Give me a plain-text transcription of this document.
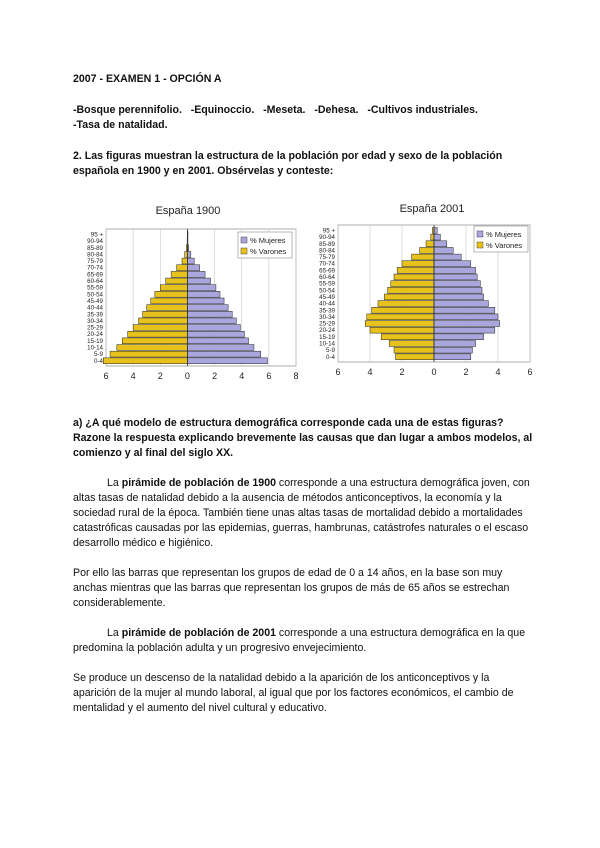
2007 - EXAMEN 1 - OPCIÓN A
-Bosque perennifolio.   -Equinoccio.   -Meseta.   -Dehesa.   -Cultivos industriales.
-Tasa de natalidad.
2. Las figuras muestran la estructura de la población por edad y sexo de la población española en 1900 y en 2001. Obsérvelas y conteste:
6 4 2 0 2 4 6 8
España 1900
95 +
90-94
85-89
80-84
75-79
70-74
65-69
60-64
55-59
50-54
45-49
40-44
35-39
30-34
25-29
20-24
15-19
10-14
5-9
0-4
% Mujeres
% Varones
6	4	2	0	2	4	6
España 2001
95 +
90-94
85-89
80-84
75-79
70-74
65-69
60-64
55-59
50-54
45-49
40-44
35-39
30-34
25-29
20-24
15-19
10-14
5-9
0-4
% Mujeres
% Varones
a) ¿A qué modelo de estructura demográfica corresponde cada una de estas figuras? Razone la respuesta explicando brevemente las causas que dan lugar a ambos modelos, al comienzo y al final del siglo XX.

La pirámide de población de 1900 corresponde a una estructura demográfica joven, con altas tasas de natalidad debido a la ausencia de métodos anticonceptivos, la economía y la sociedad rural de la época. También tiene unas altas tasas de mortalidad debido a mortalidades catastróficas causadas por las epidemias, guerras, hambrunas, catástrofes naturales o el escaso desarrollo médico e higiénico.

Por ello las barras que representan los grupos de edad de 0 a 14 años, en la base son muy anchas mientras que las barras que representan los grupos de más de 65 años se estrechan considerablemente.

La pirámide de población de 2001 corresponde a una estructura demográfica en la que predomina la población adulta y un progresivo envejecimiento.

Se produce un descenso de la natalidad debido a la aparición de los anticonceptivos y la aparición de la mujer al mundo laboral, al igual que por los factores económicos, el cambio de mentalidad y el aumento del nivel cultural y educativo.
